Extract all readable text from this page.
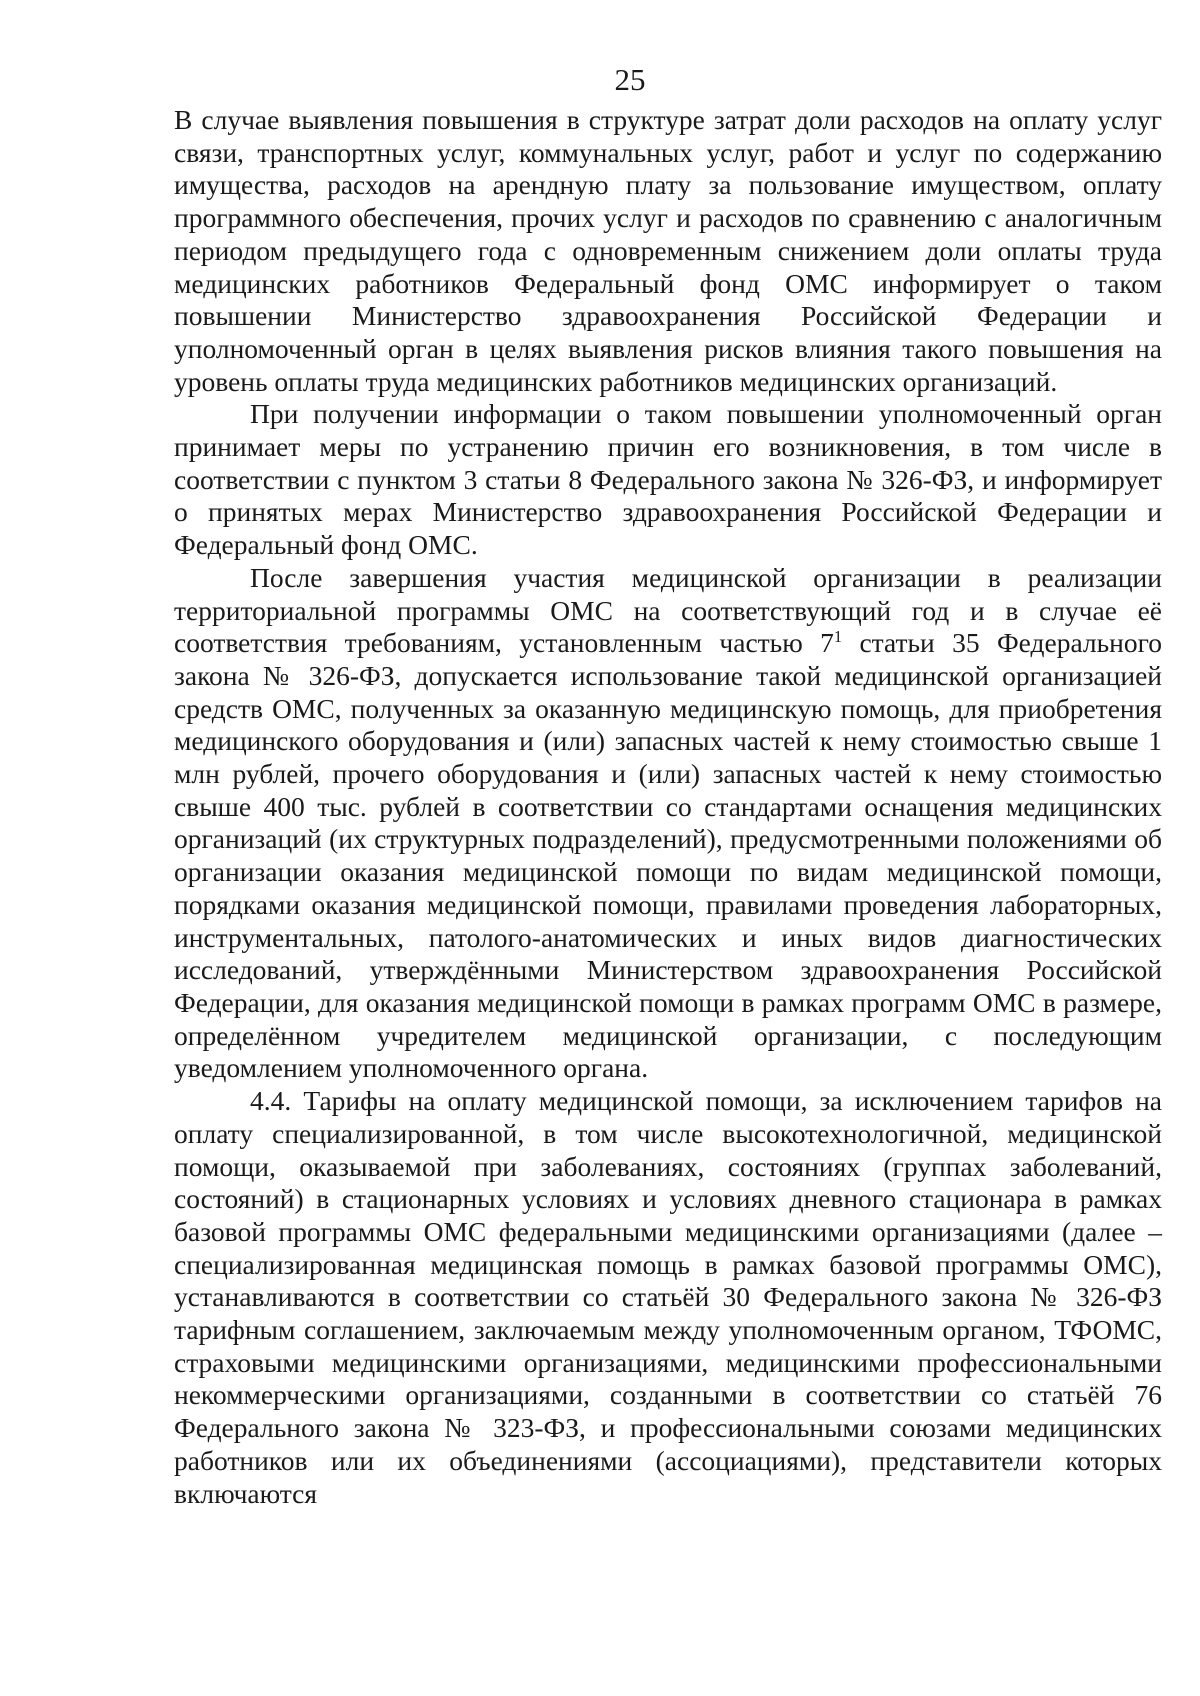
25

В случае выявления повышения в структуре затрат доли расходов на оплату услуг связи, транспортных услуг, коммунальных услуг, работ и услуг по содержанию имущества, расходов на арендную плату за пользование имуществом, оплату программного обеспечения, прочих услуг и расходов по сравнению с аналогичным периодом предыдущего года с одновременным снижением доли оплаты труда медицинских работников Федеральный фонд ОМС информирует о таком повышении Министерство здравоохранения Российской Федерации и уполномоченный орган в целях выявления рисков влияния такого повышения на уровень оплаты труда медицинских работников медицинских организаций.

При получении информации о таком повышении уполномоченный орган принимает меры по устранению причин его возникновения, в том числе в соответствии с пунктом 3 статьи 8 Федерального закона № 326-ФЗ, и информирует о принятых мерах Министерство здравоохранения Российской Федерации и Федеральный фонд ОМС.

После завершения участия медицинской организации в реализации территориальной программы ОМС на соответствующий год и в случае её соответствия требованиям, установленным частью $7^1$ статьи 35 Федерального закона № 326-ФЗ, допускается использование такой медицинской организацией средств ОМС, полученных за оказанную медицинскую помощь, для приобретения медицинского оборудования и (или) запасных частей к нему стоимостью свыше 1 млн рублей, прочего оборудования и (или) запасных частей к нему стоимостью свыше 400 тыс. рублей в соответствии со стандартами оснащения медицинских организаций (их структурных подразделений), предусмотренными положениями об организации оказания медицинской помощи по видам медицинской помощи, порядками оказания медицинской помощи, правилами проведения лабораторных, инструментальных, патолого-анатомических и иных видов диагностических исследований, утверждёнными Министерством здравоохранения Российской Федерации, для оказания медицинской помощи в рамках программ ОМС в размере, определённом учредителем медицинской организации, с последующим уведомлением уполномоченного органа.

4.4. Тарифы на оплату медицинской помощи, за исключением тарифов на оплату специализированной, в том числе высокотехнологичной, медицинской помощи, оказываемой при заболеваниях, состояниях (группах заболеваний, состояний) в стационарных условиях и условиях дневного стационара в рамках базовой программы ОМС федеральными медицинскими организациями (далее – специализированная медицинская помощь в рамках базовой программы ОМС), устанавливаются в соответствии со статьёй 30 Федерального закона № 326-ФЗ тарифным соглашением, заключаемым между уполномоченным органом, ТФОМС, страховыми медицинскими организациями, медицинскими профессиональными некоммерческими организациями, созданными в соответствии со статьёй 76 Федерального закона № 323-ФЗ, и профессиональными союзами медицинских работников или их объединениями (ассоциациями), представители которых включаются
